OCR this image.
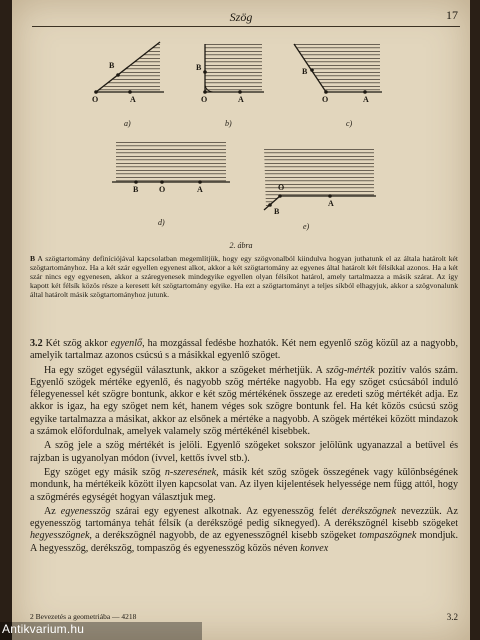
Szög	17
O	A
B
a)
O	A
B
b)
O	A
B
c)
B	O	A
d)
O
A
B
e)
2. ábra
B A szögtartomány definíciójával kapcsolatban megemlítjük, hogy egy szögvonalból kiindulva hogyan juthatunk el az általa határolt két szögtartományhoz. Ha a két szár egyellen egyenest alkot, akkor a két szögtartomány az egyenes által határolt két félsíkkal azonos. Ha a két szár nincs egy egyenesen, akkor a száregyenesek mindegyike egyellen olyan félsíkot határol, amely tartalmazza a másik szárat. Az így kapott két félsík közös része a keresett két szögtartomány egyike. Ha ezt a szögtartományt a teljes síkból elhagyjuk, akkor a szögvonalunk által határolt másik szögtartományhoz jutunk.

3.2 Két szög akkor egyenlő, ha mozgással fedésbe hozhatók. Két nem egyenlő szög közül az a nagyobb, amelyik tartalmaz azonos csúcsú s a másikkal egyenlő szöget.

Ha egy szöget egységül választunk, akkor a szögeket mérhetjük. A szög-mérték pozitív valós szám. Egyenlő szögek mértéke egyenlő, és nagyobb szög mértéke nagyobb. Ha egy szöget csúcsából induló félegyenessel két szögre bontunk, akkor e két szög mértékének összege az eredeti szög mértékét adja. Ez akkor is igaz, ha egy szöget nem két, hanem véges sok szögre bontunk fel. Ha két közös csúcsú szög egyike tartalmazza a másikat, akkor az elsőnek a mértéke a nagyobb. A szögek mértékei között mindazok a számok előfordulnak, amelyek valamely szög mértékénél kisebbek.

A szög jele a szög mértékét is jelöli. Egyenlő szögeket sokszor jelölünk ugyanazzal a betűvel és rajzban is ugyanolyan módon (ívvel, kettős ívvel stb.).

Egy szöget egy másik szög n-szeresének, másik két szög szögek összegének vagy különbségének mondunk, ha mértékeik között ilyen kapcsolat van. Az ilyen kijelentések helyessége nem függ attól, hogy a szögmérés egységét hogyan választjuk meg.

Az egyenesszög szárai egy egyenest alkotnak. Az egyenesszög felét derékszögnek nevezzük. Az egyenesszög tartománya tehát félsík (a derékszögé pedig síknegyed). A derékszögnél kisebb szögeket hegyesszögnek, a derékszögnél nagyobb, de az egyenesszögnél kisebb szögeket tompaszögnek mondjuk. A hegyesszög, derékszög, tompaszög és egyenesszög közös néven konvex

2 Bevezetés a geometriába — 4218	3.2
Antikvarium.hu
